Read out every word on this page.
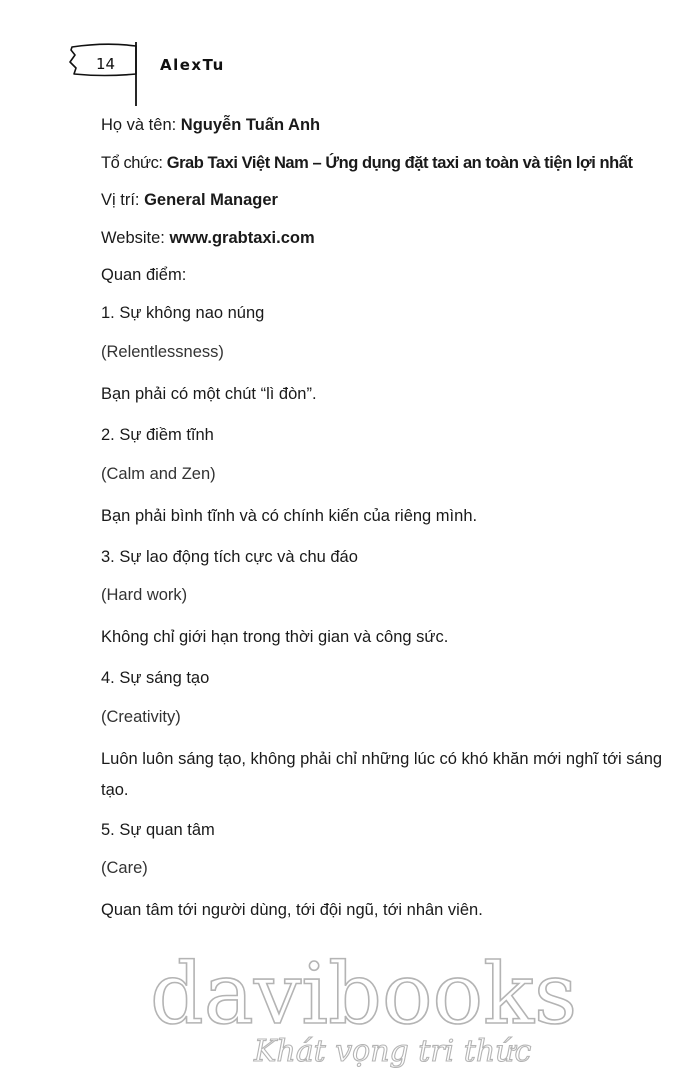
14	AlexTu
Họ và tên: Nguyễn Tuấn Anh
Tổ chức: Grab Taxi Việt Nam – Ứng dụng đặt taxi an toàn và tiện lợi nhất
Vị trí: General Manager
Website: www.grabtaxi.com
Quan điểm:
1. Sự không nao núng
(Relentlessness)
Bạn phải có một chút “lì đòn”.
2. Sự điềm tĩnh
(Calm and Zen)
Bạn phải bình tĩnh và có chính kiến của riêng mình.
3. Sự lao động tích cực và chu đáo
(Hard work)
Không chỉ giới hạn trong thời gian và công sức.
4. Sự sáng tạo
(Creativity)
Luôn luôn sáng tạo, không phải chỉ những lúc có khó khăn mới nghĩ tới sáng tạo.
5. Sự quan tâm
(Care)
Quan tâm tới người dùng, tới đội ngũ, tới nhân viên.
davibooks
Khát vọng tri thức
